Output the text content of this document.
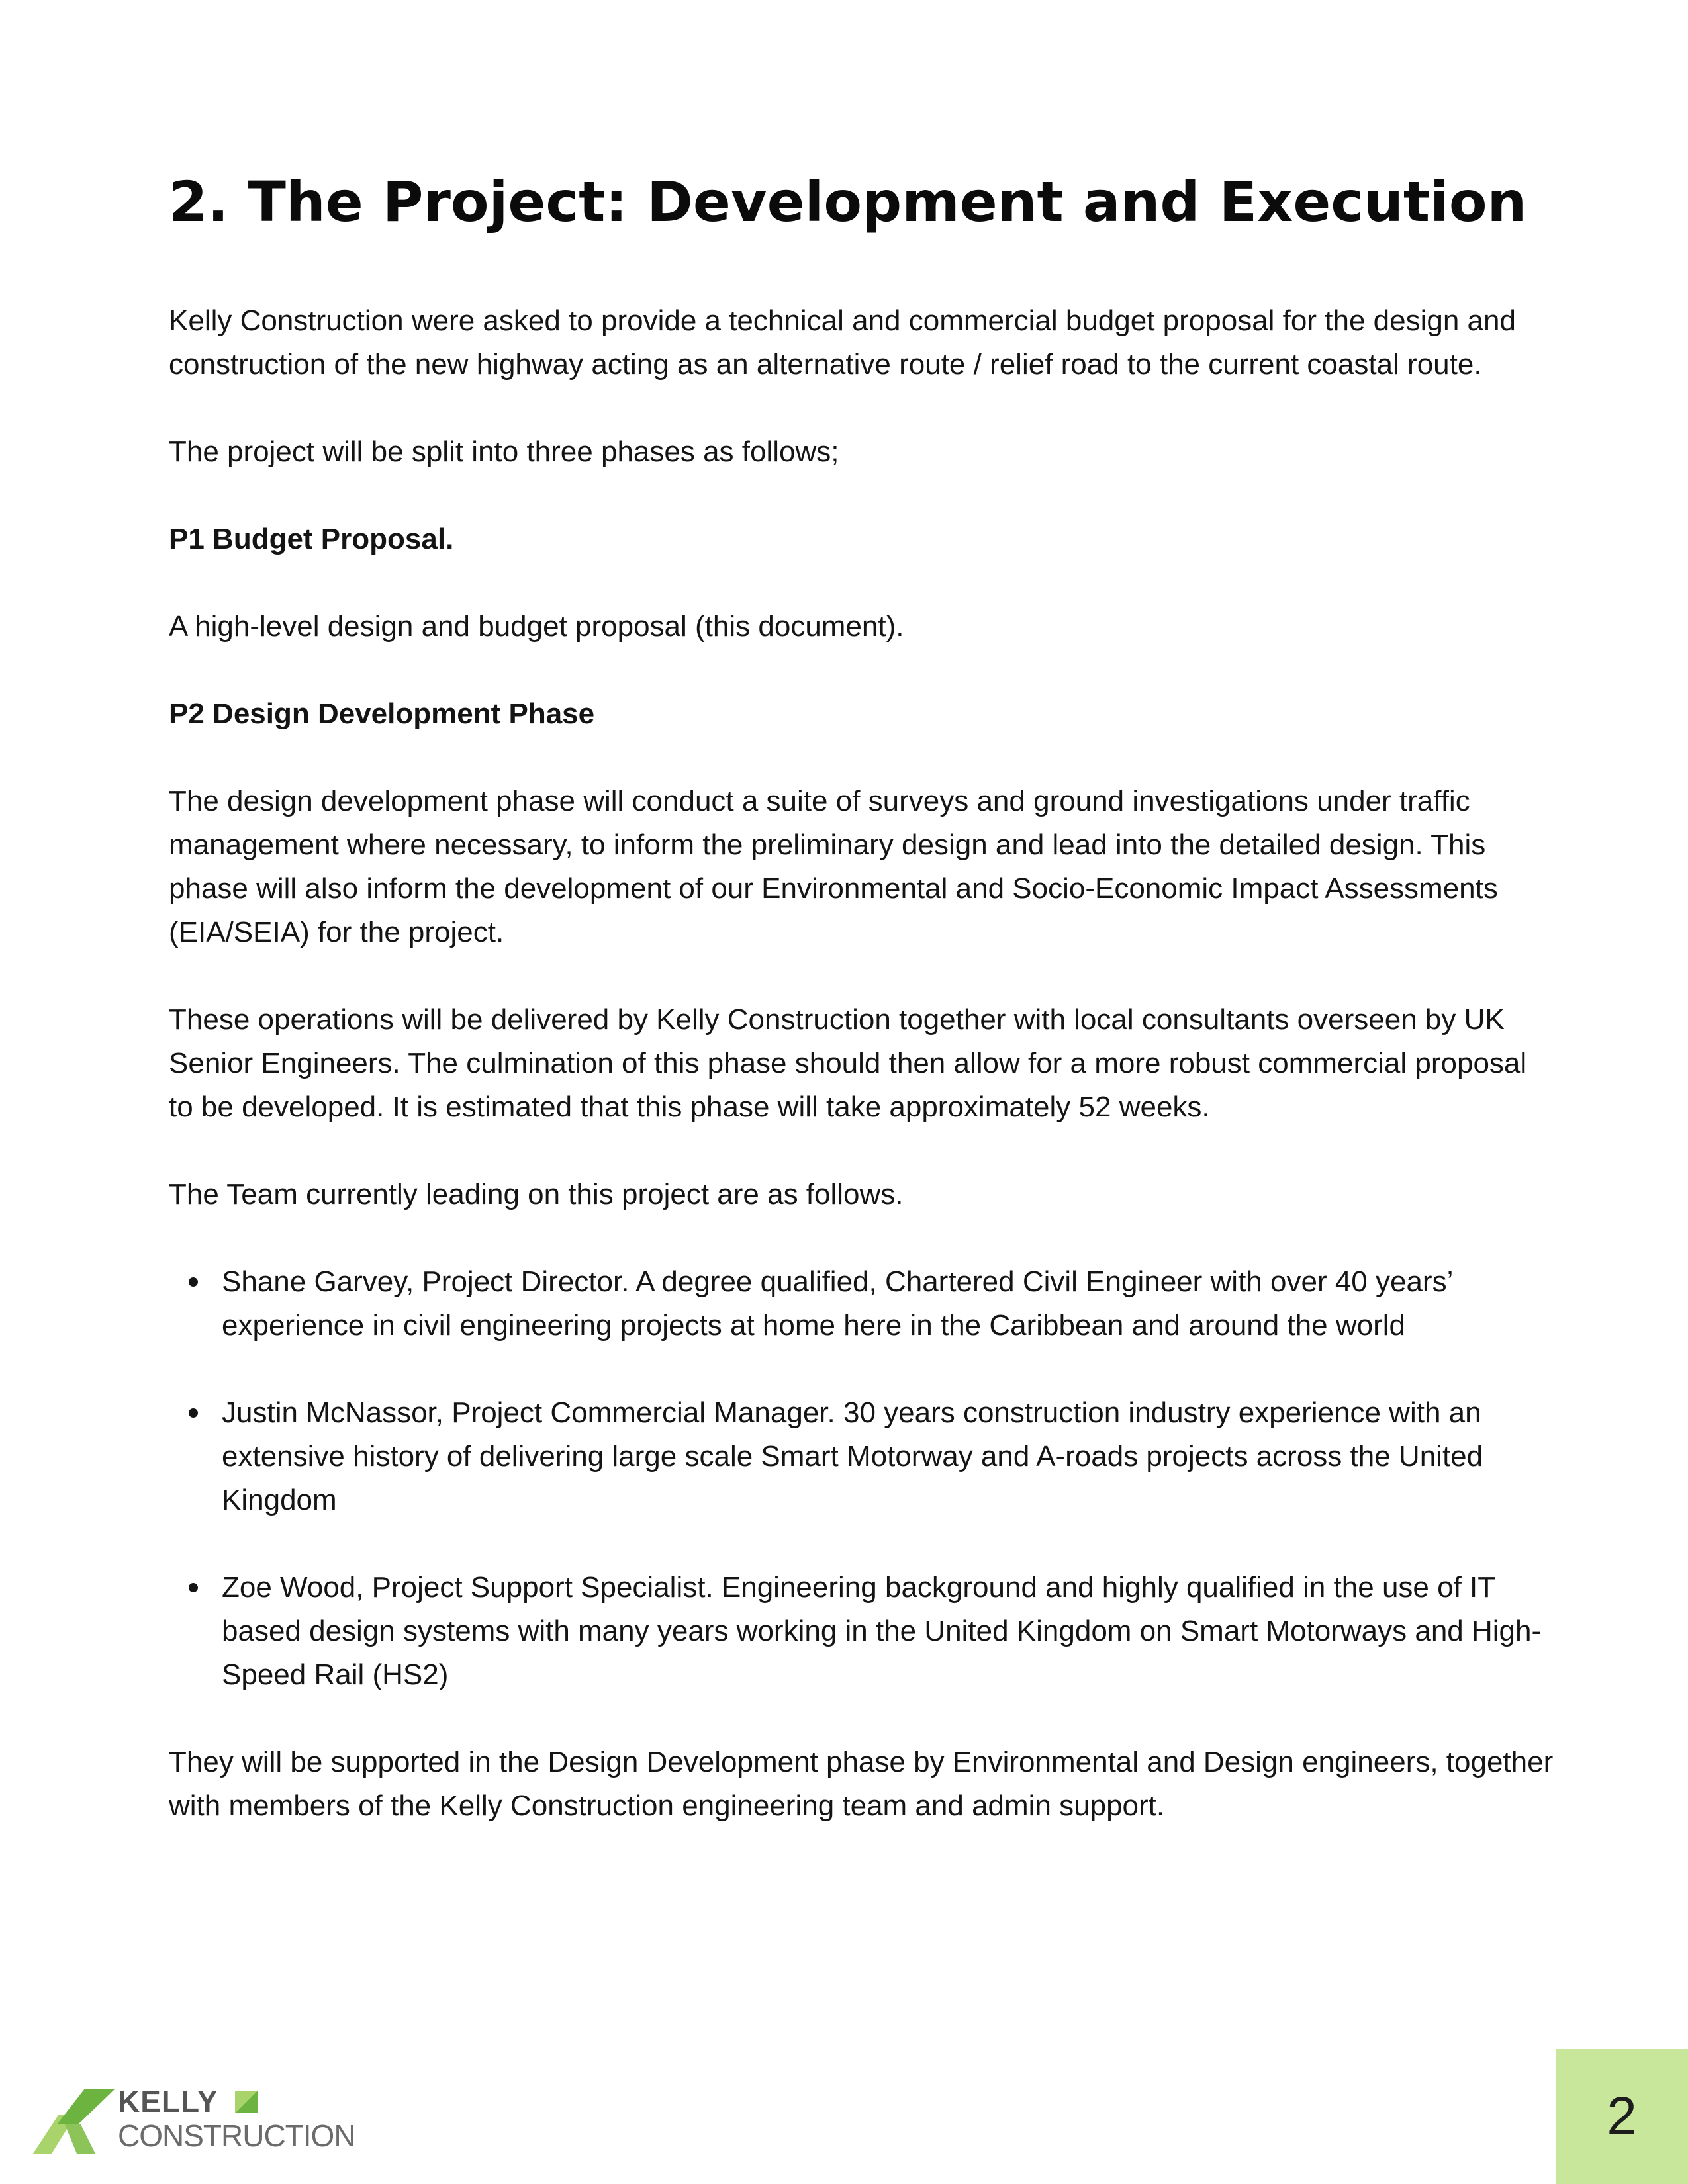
2. The Project: Development and Execution

Kelly Construction were asked to provide a technical and commercial budget proposal for the design and construction of the new highway acting as an alternative route / relief road to the current coastal route.

The project will be split into three phases as follows;

P1 Budget Proposal.

A high-level design and budget proposal (this document).

P2 Design Development Phase

The design development phase will conduct a suite of surveys and ground investigations under traffic management where necessary, to inform the preliminary design and lead into the detailed design. This phase will also inform the development of our Environmental and Socio-Economic Impact Assessments (EIA/SEIA) for the project.

These operations will be delivered by Kelly Construction together with local consultants overseen by UK Senior Engineers. The culmination of this phase should then allow for a more robust commercial proposal to be developed. It is estimated that this phase will take approximately 52 weeks.

The Team currently leading on this project are as follows.

Shane Garvey, Project Director. A degree qualified, Chartered Civil Engineer with over 40 years’ experience in civil engineering projects at home here in the Caribbean and around the world
Justin McNassor, Project Commercial Manager. 30 years construction industry experience with an extensive history of delivering large scale Smart Motorway and A-roads projects across the United Kingdom
Zoe Wood, Project Support Specialist. Engineering background and highly qualified in the use of IT based design systems with many years working in the United Kingdom on Smart Motorways and High-Speed Rail (HS2)

They will be supported in the Design Development phase by Environmental and Design engineers, together with members of the Kelly Construction engineering team and admin support.

KELLY
CONSTRUCTION	2
